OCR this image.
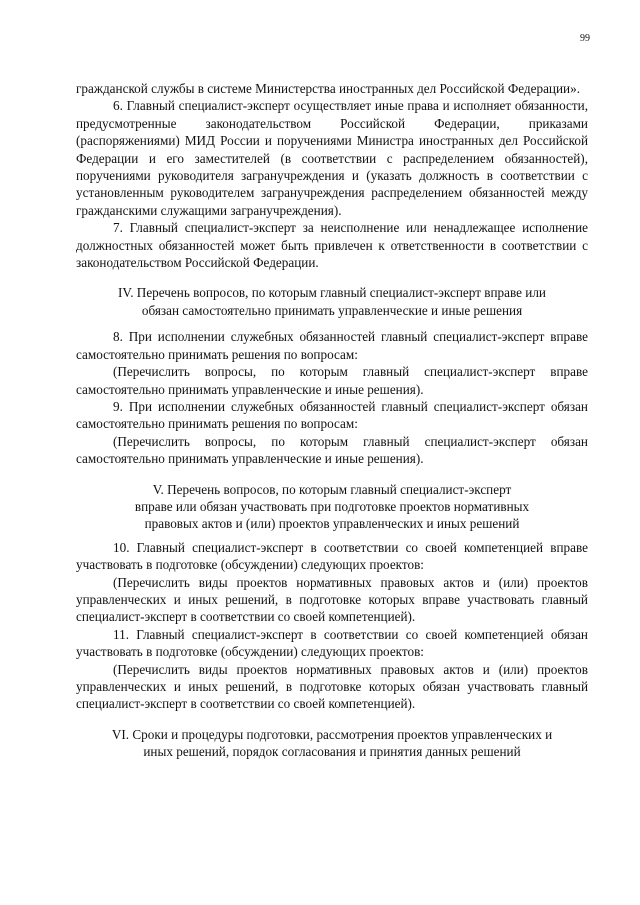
99

гражданской службы в системе Министерства иностранных дел Российской Федерации».

6. Главный специалист-эксперт осуществляет иные права и исполняет обязанности, предусмотренные законодательством Российской Федерации, приказами (распоряжениями) МИД России и поручениями Министра иностранных дел Российской Федерации и его заместителей (в соответствии с распределением обязанностей), поручениями руководителя загранучреждения и (указать должность в соответствии с установленным руководителем загранучреждения распределением обязанностей между гражданскими служащими загранучреждения).

7. Главный специалист-эксперт за неисполнение или ненадлежащее исполнение должностных обязанностей может быть привлечен к ответственности в соответствии с законодательством Российской Федерации.

IV. Перечень вопросов, по которым главный специалист-эксперт вправе или

обязан самостоятельно принимать управленческие и иные решения

8. При исполнении служебных обязанностей главный специалист-эксперт вправе самостоятельно принимать решения по вопросам:

(Перечислить вопросы, по которым главный специалист-эксперт вправе самостоятельно принимать управленческие и иные решения).

9. При исполнении служебных обязанностей главный специалист-эксперт обязан самостоятельно принимать решения по вопросам:

(Перечислить вопросы, по которым главный специалист-эксперт обязан самостоятельно принимать управленческие и иные решения).

V. Перечень вопросов, по которым главный специалист-эксперт

вправе или обязан участвовать при подготовке проектов нормативных

правовых актов и (или) проектов управленческих и иных решений

10. Главный специалист-эксперт в соответствии со своей компетенцией вправе участвовать в подготовке (обсуждении) следующих проектов:

(Перечислить виды проектов нормативных правовых актов и (или) проектов управленческих и иных решений, в подготовке которых вправе участвовать главный специалист-эксперт в соответствии со своей компетенцией).

11. Главный специалист-эксперт в соответствии со своей компетенцией обязан участвовать в подготовке (обсуждении) следующих проектов:

(Перечислить виды проектов нормативных правовых актов и (или) проектов управленческих и иных решений, в подготовке которых обязан участвовать главный специалист-эксперт в соответствии со своей компетенцией).

VI. Сроки и процедуры подготовки, рассмотрения проектов управленческих и

иных решений, порядок согласования и принятия данных решений
